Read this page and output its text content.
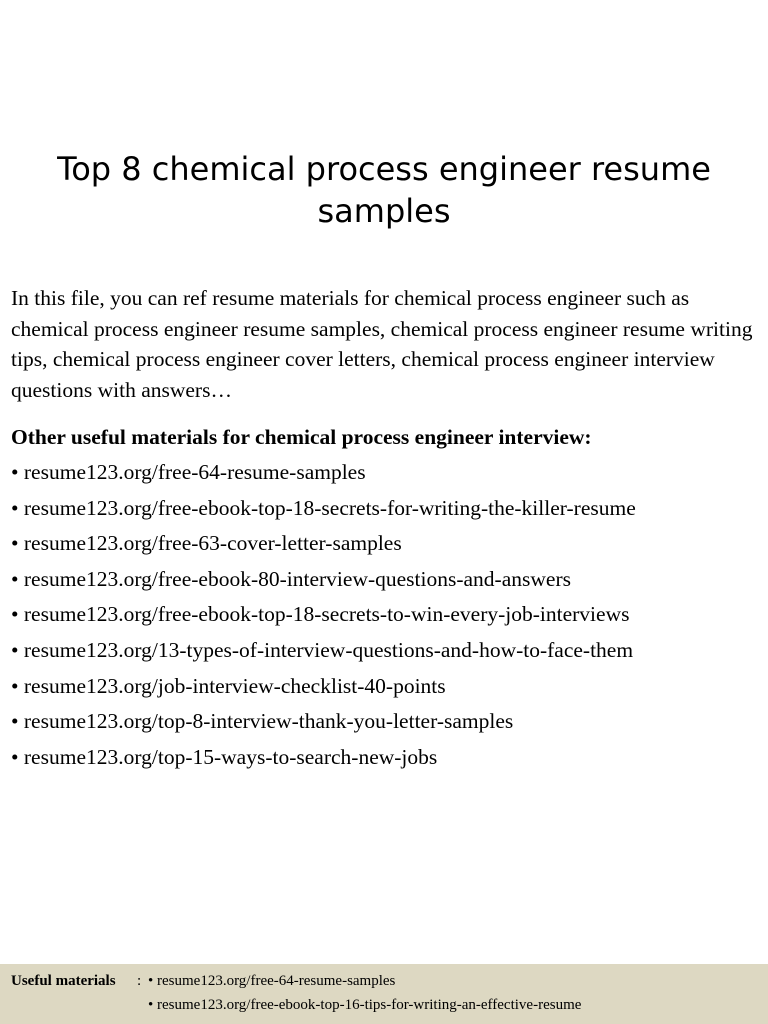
Top 8 chemical process engineer resume samples

In this file, you can ref resume materials for chemical process engineer such as chemical process engineer resume samples, chemical process engineer resume writing tips, chemical process engineer cover letters, chemical process engineer interview questions with answers…

Other useful materials for chemical process engineer interview:

• resume123.org/free-64-resume-samples
• resume123.org/free-ebook-top-18-secrets-for-writing-the-killer-resume
• resume123.org/free-63-cover-letter-samples
• resume123.org/free-ebook-80-interview-questions-and-answers
• resume123.org/free-ebook-top-18-secrets-to-win-every-job-interviews
• resume123.org/13-types-of-interview-questions-and-how-to-face-them
• resume123.org/job-interview-checklist-40-points
• resume123.org/top-8-interview-thank-you-letter-samples
• resume123.org/top-15-ways-to-search-new-jobs
Useful materials : • resume123.org/free-64-resume-samples
• resume123.org/free-ebook-top-16-tips-for-writing-an-effective-resume
